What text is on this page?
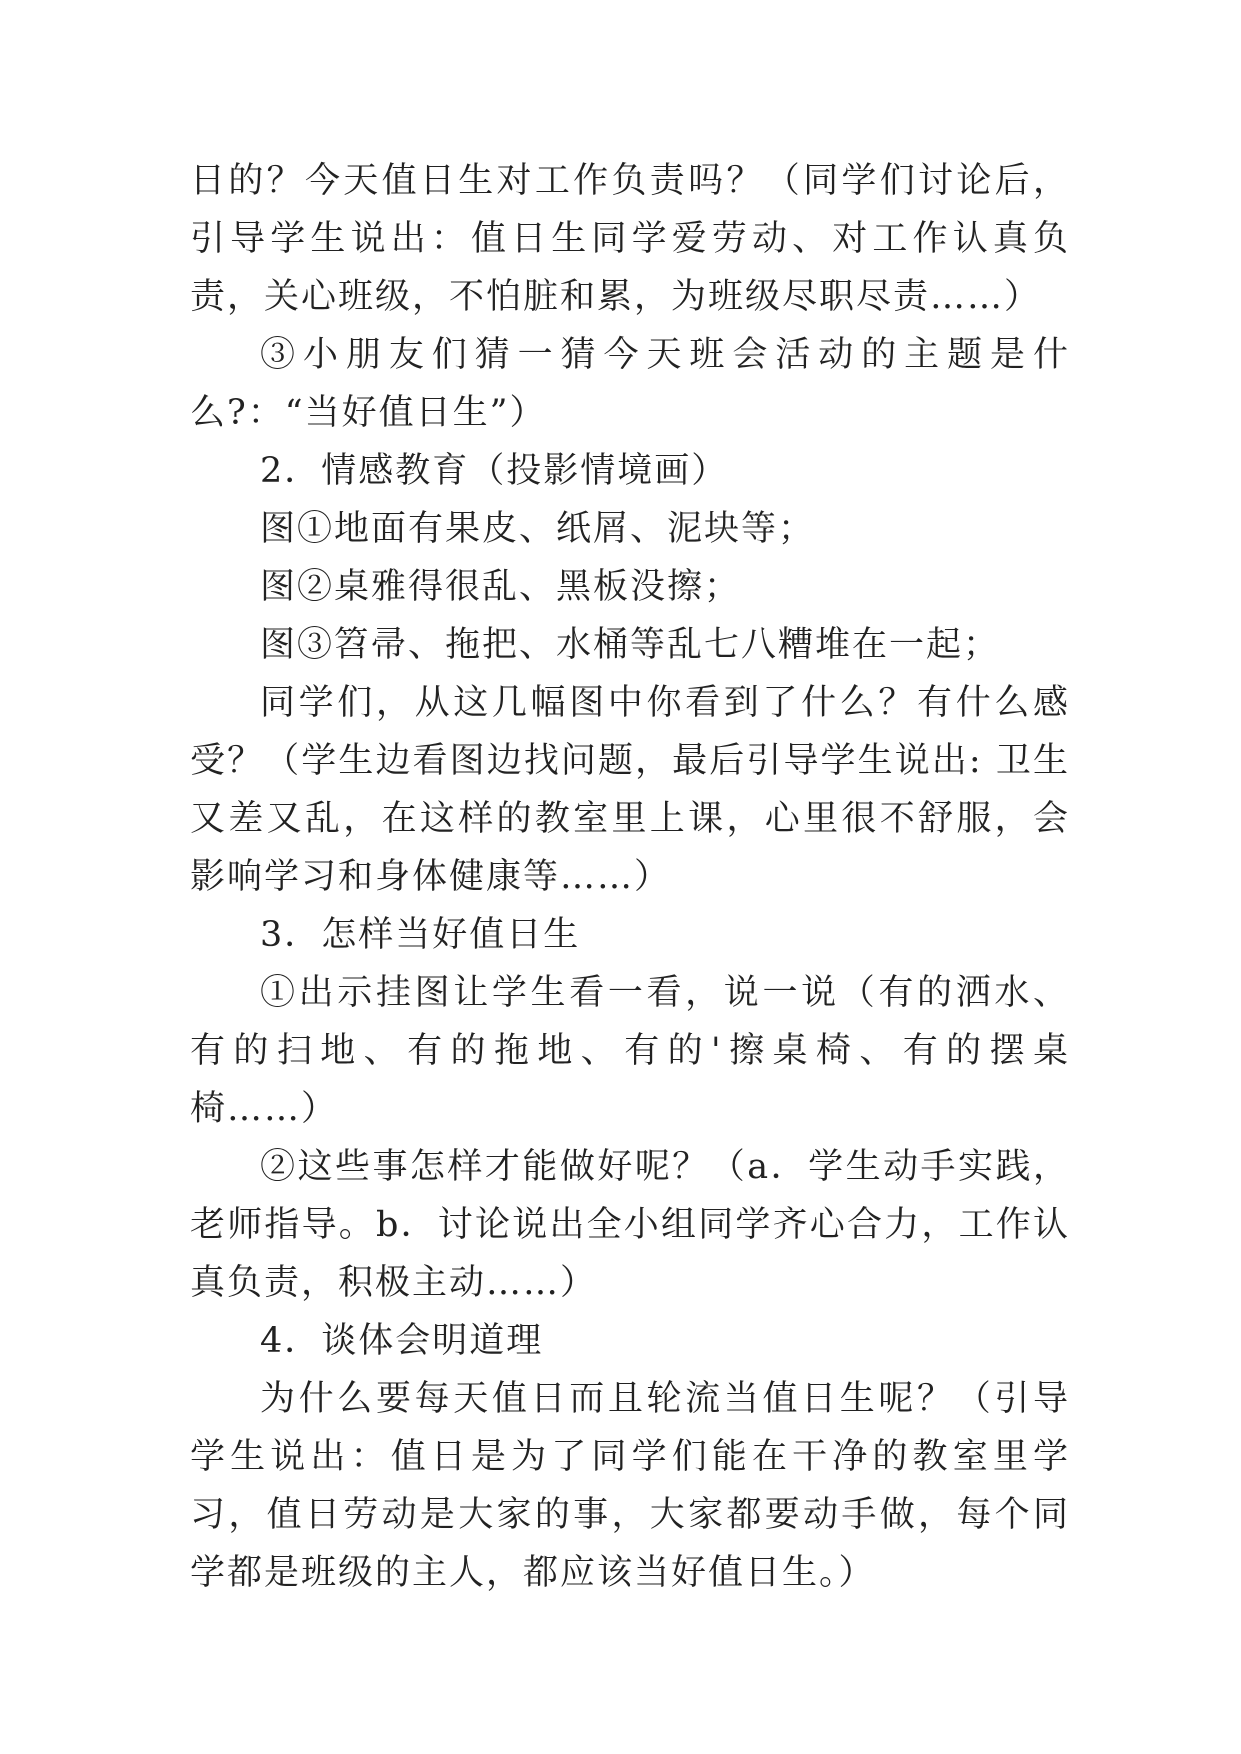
日的？今天值日生对工作负责吗？（同学们讨论后，引导学生说出：值日生同学爱劳动、对工作认真负责，关心班级，不怕脏和累，为班级尽职尽责……）

③小朋友们猜一猜今天班会活动的主题是什么?：“当好值日生”）

2．情感教育（投影情境画）

图①地面有果皮、纸屑、泥块等；

图②桌雅得很乱、黑板没擦；

图③笤帚、拖把、水桶等乱七八糟堆在一起；

同学们，从这几幅图中你看到了什么？有什么感受？（学生边看图边找问题，最后引导学生说出: 卫生又差又乱，在这样的教室里上课，心里很不舒服，会影响学习和身体健康等……）

3．怎样当好值日生

①出示挂图让学生看一看，说一说（有的洒水、有的扫地、有的拖地、有的'擦桌椅、有的摆桌椅……）

②这些事怎样才能做好呢？（a．学生动手实践，老师指导。b．讨论说出全小组同学齐心合力，工作认真负责，积极主动……）

4．谈体会明道理

为什么要每天值日而且轮流当值日生呢？（引导学生说出：值日是为了同学们能在干净的教室里学习，值日劳动是大家的事，大家都要动手做，每个同学都是班级的主人，都应该当好值日生。）
